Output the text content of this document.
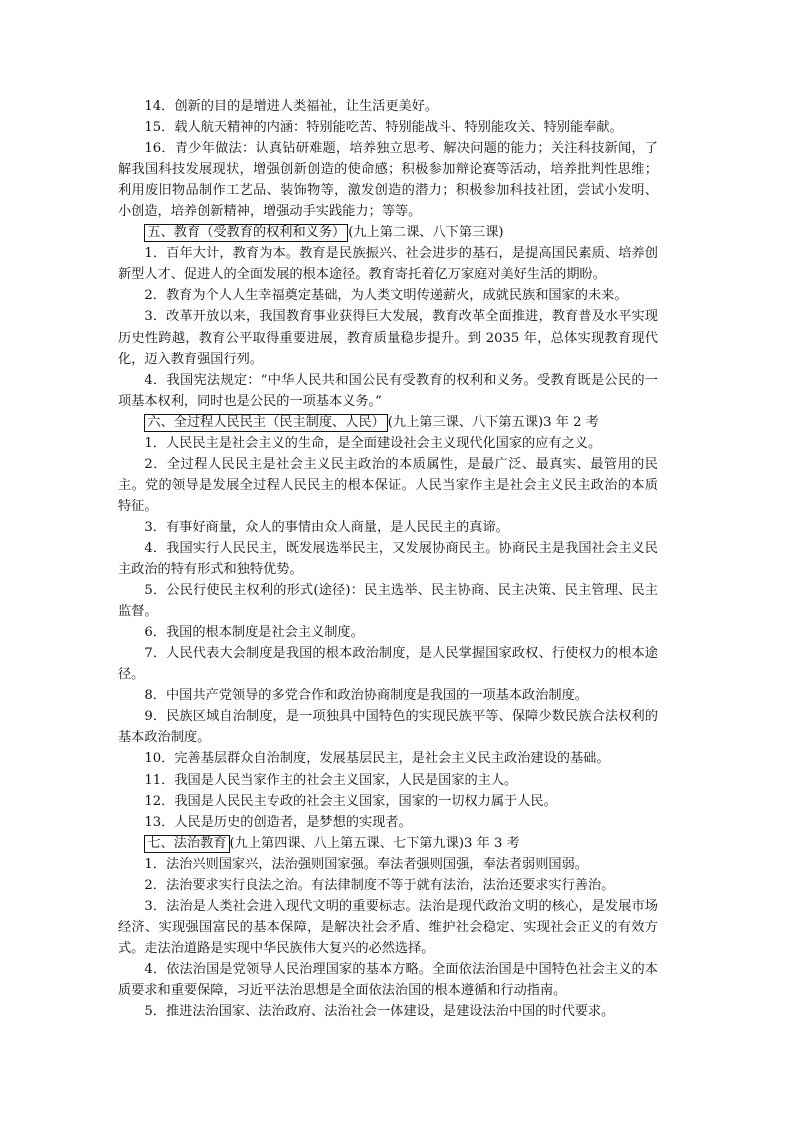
14．创新的目的是增进人类福祉，让生活更美好。

15．载人航天精神的内涵：特别能吃苦、特别能战斗、特别能攻关、特别能奉献。

16．青少年做法：认真钻研难题，培养独立思考、解决问题的能力；关注科技新闻，了解我国科技发展现状，增强创新创造的使命感；积极参加辩论赛等活动，培养批判性思维；利用废旧物品制作工艺品、装饰物等，激发创造的潜力；积极参加科技社团，尝试小发明、小创造，培养创新精神，增强动手实践能力；等等。

五、教育（受教育的权利和义务） (九上第二课、八下第三课)

1．百年大计，教育为本。教育是民族振兴、社会进步的基石，是提高国民素质、培养创新型人才、促进人的全面发展的根本途径。教育寄托着亿万家庭对美好生活的期盼。

2．教育为个人人生幸福奠定基础，为人类文明传递薪火，成就民族和国家的未来。

3．改革开放以来，我国教育事业获得巨大发展，教育改革全面推进，教育普及水平实现历史性跨越，教育公平取得重要进展，教育质量稳步提升。到 2035 年，总体实现教育现代化，迈入教育强国行列。

4．我国宪法规定：“中华人民共和国公民有受教育的权利和义务。受教育既是公民的一项基本权利，同时也是公民的一项基本义务。”

六、全过程人民民主（民主制度、人民） (九上第三课、八下第五课)3 年 2 考

1．人民民主是社会主义的生命，是全面建设社会主义现代化国家的应有之义。

2．全过程人民民主是社会主义民主政治的本质属性，是最广泛、最真实、最管用的民主。党的领导是发展全过程人民民主的根本保证。人民当家作主是社会主义民主政治的本质特征。

3．有事好商量，众人的事情由众人商量，是人民民主的真谛。

4．我国实行人民民主，既发展选举民主，又发展协商民主。协商民主是我国社会主义民主政治的特有形式和独特优势。

5．公民行使民主权利的形式(途径)：民主选举、民主协商、民主决策、民主管理、民主监督。

6．我国的根本制度是社会主义制度。

7．人民代表大会制度是我国的根本政治制度，是人民掌握国家政权、行使权力的根本途径。

8．中国共产党领导的多党合作和政治协商制度是我国的一项基本政治制度。

9．民族区域自治制度，是一项独具中国特色的实现民族平等、保障少数民族合法权利的基本政治制度。

10．完善基层群众自治制度，发展基层民主，是社会主义民主政治建设的基础。

11．我国是人民当家作主的社会主义国家，人民是国家的主人。

12．我国是人民民主专政的社会主义国家，国家的一切权力属于人民。

13．人民是历史的创造者，是梦想的实现者。

七、法治教育 (九上第四课、八上第五课、七下第九课)3 年 3 考

1．法治兴则国家兴，法治强则国家强。奉法者强则国强，奉法者弱则国弱。

2．法治要求实行良法之治。有法律制度不等于就有法治，法治还要求实行善治。

3．法治是人类社会进入现代文明的重要标志。法治是现代政治文明的核心，是发展市场经济、实现强国富民的基本保障，是解决社会矛盾、维护社会稳定、实现社会正义的有效方式。走法治道路是实现中华民族伟大复兴的必然选择。

4．依法治国是党领导人民治理国家的基本方略。全面依法治国是中国特色社会主义的本质要求和重要保障，习近平法治思想是全面依法治国的根本遵循和行动指南。

5．推进法治国家、法治政府、法治社会一体建设，是建设法治中国的时代要求。
